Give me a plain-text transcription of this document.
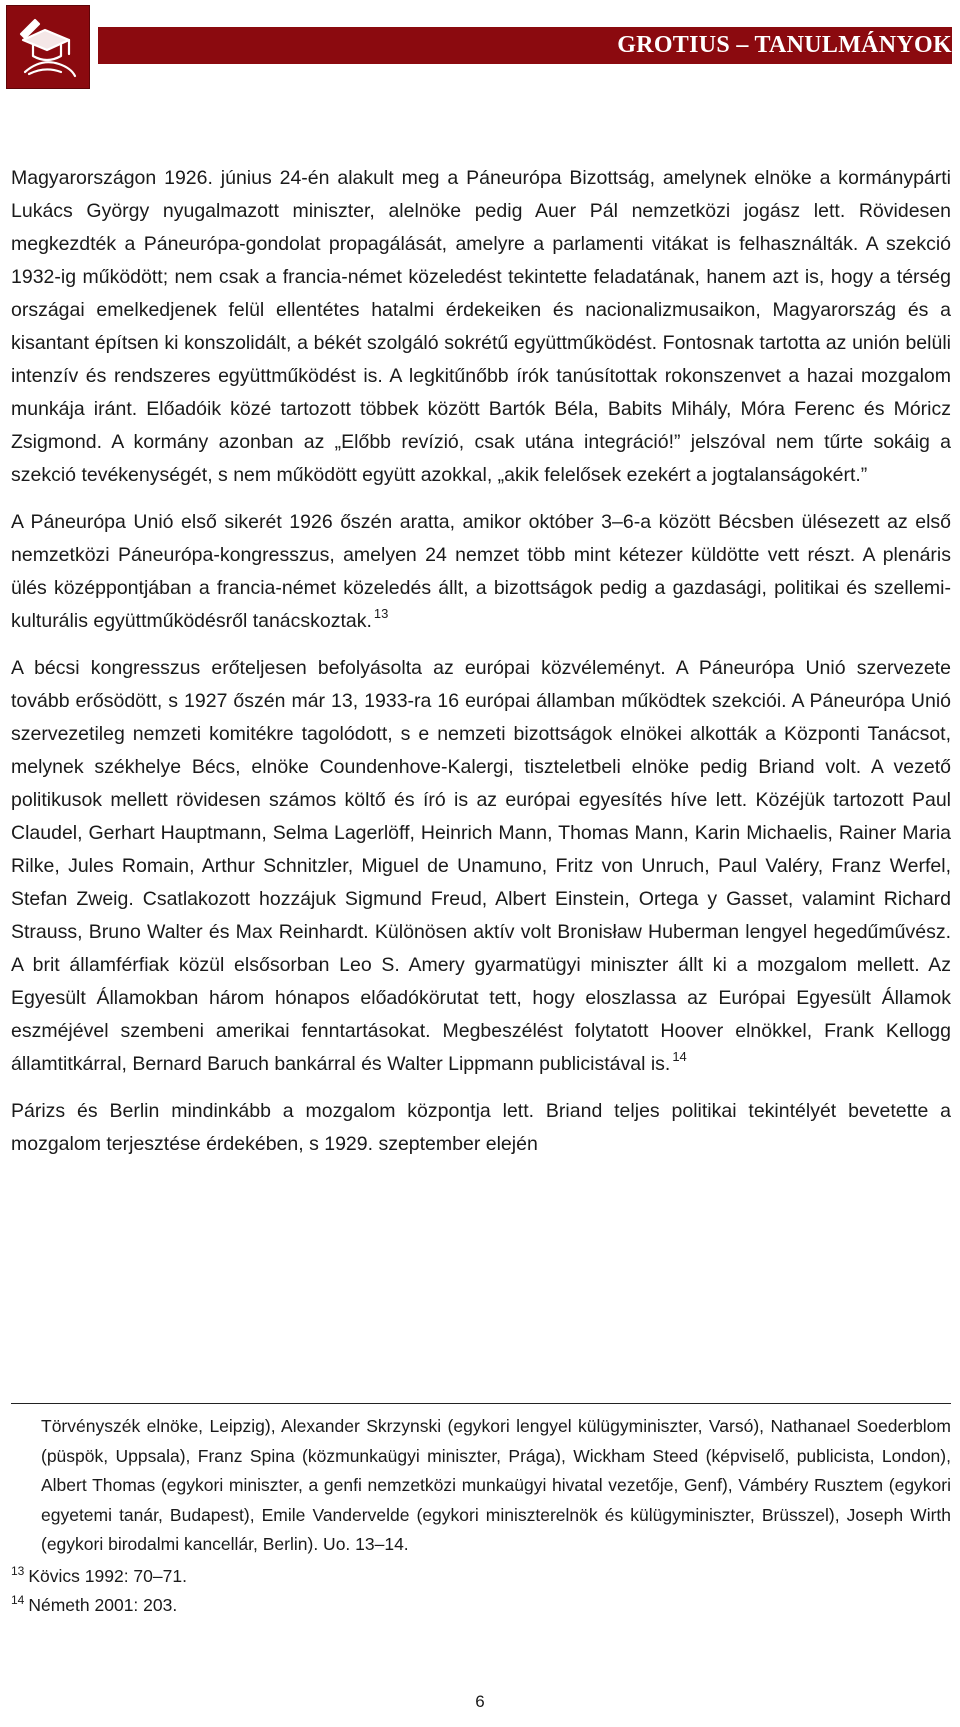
GROTIUS – TANULMÁNYOK

Magyarországon 1926. június 24-én alakult meg a Páneurópa Bizottság, amelynek elnöke a kormánypárti Lukács György nyugalmazott miniszter, alelnöke pedig Auer Pál nemzetközi jogász lett. Rövidesen megkezdték a Páneurópa-gondolat propagálását, amelyre a parlamenti vitákat is felhasználták. A szekció 1932-ig működött; nem csak a francia-német közeledést tekintette feladatának, hanem azt is, hogy a térség országai emelkedjenek felül ellentétes hatalmi érdekeiken és nacionalizmusaikon, Magyarország és a kisantant építsen ki konszolidált, a békét szolgáló sokrétű együttműködést. Fontosnak tartotta az unión belüli intenzív és rendszeres együttműködést is. A legkitűnőbb írók tanúsítottak rokonszenvet a hazai mozgalom munkája iránt. Előadóik közé tartozott többek között Bartók Béla, Babits Mihály, Móra Ferenc és Móricz Zsigmond. A kormány azonban az „Előbb revízió, csak utána integráció!” jelszóval nem tűrte sokáig a szekció tevékenységét, s nem működött együtt azokkal, „akik felelősek ezekért a jogtalanságokért.”

A Páneurópa Unió első sikerét 1926 őszén aratta, amikor október 3–6-a között Bécsben ülésezett az első nemzetközi Páneurópa-kongresszus, amelyen 24 nemzet több mint kétezer küldötte vett részt. A plenáris ülés középpontjában a francia-német közeledés állt, a bizottságok pedig a gazdasági, politikai és szellemi-kulturális együttműködésről tanácskoztak. $^{13}$

A bécsi kongresszus erőteljesen befolyásolta az európai közvéleményt. A Páneurópa Unió szervezete tovább erősödött, s 1927 őszén már 13, 1933-ra 16 európai államban működtek szekciói. A Páneurópa Unió szervezetileg nemzeti komitékre tagolódott, s e nemzeti bizottságok elnökei alkották a Központi Tanácsot, melynek székhelye Bécs, elnöke Coundenhove-Kalergi, tiszteletbeli elnöke pedig Briand volt. A vezető politikusok mellett rövidesen számos költő és író is az európai egyesítés híve lett. Közéjük tartozott Paul Claudel, Gerhart Hauptmann, Selma Lagerlöff, Heinrich Mann, Thomas Mann, Karin Michaelis, Rainer Maria Rilke, Jules Romain, Arthur Schnitzler, Miguel de Unamuno, Fritz von Unruch, Paul Valéry, Franz Werfel, Stefan Zweig. Csatlakozott hozzájuk Sigmund Freud, Albert Einstein, Ortega y Gasset, valamint Richard Strauss, Bruno Walter és Max Reinhardt. Különösen aktív volt Bronisław Huberman lengyel hegedűművész. A brit államférfiak közül elsősorban Leo S. Amery gyarmatügyi miniszter állt ki a mozgalom mellett. Az Egyesült Államokban három hónapos előadókörutat tett, hogy eloszlassa az Európai Egyesült Államok eszméjével szembeni amerikai fenntartásokat. Megbeszélést folytatott Hoover elnökkel, Frank Kellogg államtitkárral, Bernard Baruch bankárral és Walter Lippmann publicistával is. $^{14}$

Párizs és Berlin mindinkább a mozgalom központja lett. Briand teljes politikai tekintélyét bevetette a mozgalom terjesztése érdekében, s 1929. szeptember elején

Törvényszék elnöke, Leipzig), Alexander Skrzynski (egykori lengyel külügyminiszter, Varsó), Nathanael Soederblom (püspök, Uppsala), Franz Spina (közmunkaügyi miniszter, Prága), Wickham Steed (képviselő, publicista, London), Albert Thomas (egykori miniszter, a genfi nemzetközi munkaügyi hivatal vezetője, Genf), Vámbéry Rusztem (egykori egyetemi tanár, Budapest), Emile Vandervelde (egykori miniszterelnök és külügyminiszter, Brüsszel), Joseph Wirth (egykori birodalmi kancellár, Berlin). Uo. 13–14.

$^{13}$ Kövics 1992: 70–71.

$^{14}$ Németh 2001: 203.

6
